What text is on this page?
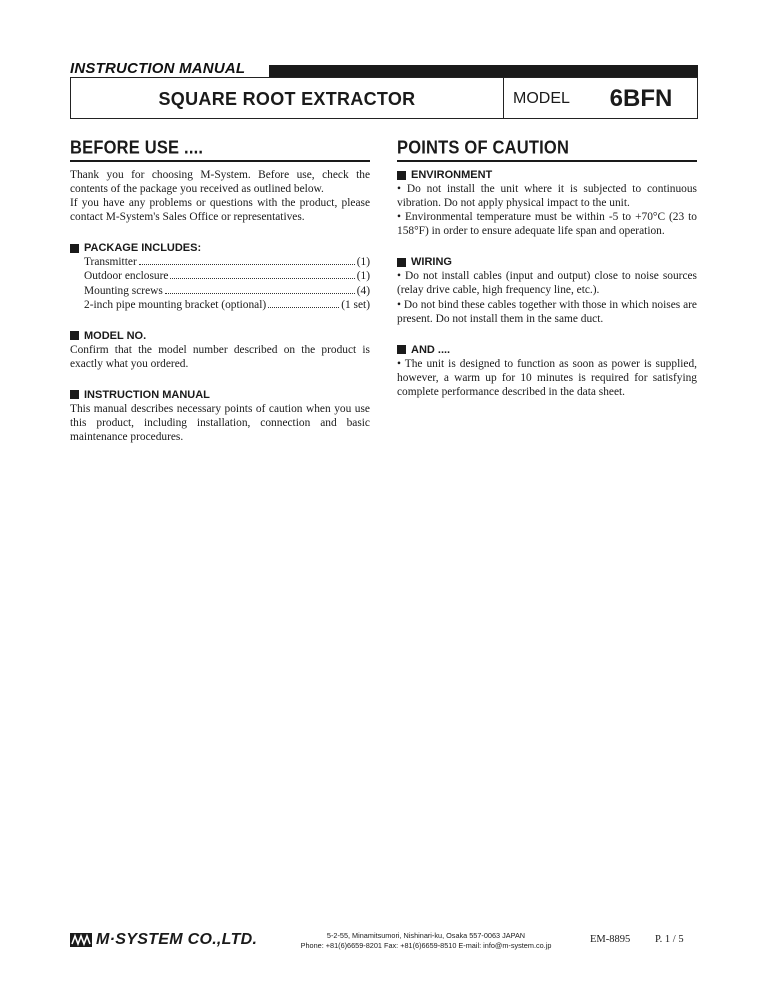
INSTRUCTION MANUAL
SQUARE ROOT EXTRACTOR	MODEL	6BFN
BEFORE USE ....

Thank you for choosing M-System. Before use, check the contents of the package you received as outlined below.

If you have any problems or questions with the product, please contact M-System's Sales Office or representatives.

PACKAGE INCLUDES:
Transmitter	(1)
Outdoor enclosure	(1)
Mounting screws	(4)
2-inch pipe mounting bracket (optional)	(1 set)
MODEL NO.

Confirm that the model number described on the product is exactly what you ordered.

INSTRUCTION MANUAL

This manual describes necessary points of caution when you use this product, including installation, connection and basic maintenance procedures.

POINTS OF CAUTION
ENVIRONMENT

• Do not install the unit where it is subjected to continuous vibration. Do not apply physical impact to the unit.

• Environmental temperature must be within -5 to +70°C (23 to 158°F) in order to ensure adequate life span and operation.

WIRING

• Do not install cables (input and output) close to noise sources (relay drive cable, high frequency line, etc.).

• Do not bind these cables together with those in which noises are present. Do not install them in the same duct.

AND ....

• The unit is designed to function as soon as power is supplied, however, a warm up for 10 minutes is required for satisfying complete performance described in the data sheet.

M·SYSTEM CO.,LTD.	5-2-55, Minamitsumori, Nishinari-ku, Osaka 557-0063 JAPAN
Phone: +81(6)6659-8201 Fax: +81(6)6659-8510 E-mail: info@m-system.co.jp
EM-8895 P. 1 / 5
